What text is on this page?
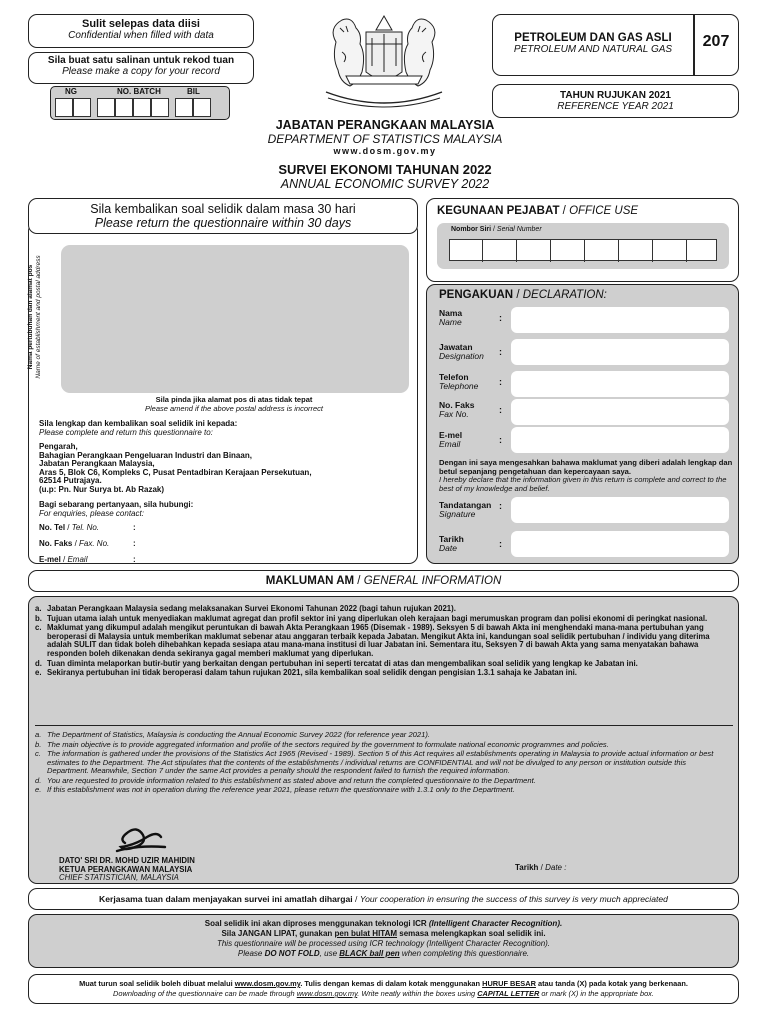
Sulit selepas data diisi
Confidential when filled with data
Sila buat satu salinan untuk rekod tuan
Please make a copy for your record
NG	NO. BATCH	BIL
PETROLEUM DAN GAS ASLI
PETROLEUM AND NATURAL GAS	207
TAHUN RUJUKAN 2021
REFERENCE YEAR 2021
JABATAN PERANGKAAN MALAYSIA
DEPARTMENT OF STATISTICS MALAYSIA
www.dosm.gov.my
SURVEI EKONOMI TAHUNAN 2022
ANNUAL ECONOMIC SURVEY 2022
Sila kembalikan soal selidik dalam masa 30 hari
Please return the questionnaire within 30 days
Nama pertubuhan dan alamat pos Name of establishment and postal address
Sila pinda jika alamat pos di atas tidak tepat
Please amend if the above postal address is incorrect
Sila lengkap dan kembalikan soal selidik ini kepada:
Please complete and return this questionnaire to:
Pengarah,
Bahagian Perangkaan Pengeluaran Industri dan Binaan,
Jabatan Perangkaan Malaysia,
Aras 5, Blok C6, Kompleks C, Pusat Pentadbiran Kerajaan Persekutuan,
62514 Putrajaya.
(u.p: Pn. Nur Surya bt. Ab Razak)
Bagi sebarang pertanyaan, sila hubungi:
For enquiries, please contact:
No. Tel / Tel. No.	:
No. Faks / Fax. No.	:
E-mel / Email	:
KEGUNAAN PEJABAT / OFFICE USE
Nombor Siri / Serial Number
PENGAKUAN / DECLARATION:
Nama
Name	:
Jawatan
Designation :
Telefon
Telephone :
No. Faks
Fax No.	:
E-mel
Email	:
Dengan ini saya mengesahkan bahawa maklumat yang diberi adalah lengkap dan betul sepanjang pengetahuan dan kepercayaan saya.
I hereby declare that the information given in this return is complete and correct to the best of my knowledge and belief.
Tandatangan
Signature
:
Tarikh
Date	:
MAKLUMAN AM / GENERAL INFORMATION
a. Jabatan Perangkaan Malaysia sedang melaksanakan Survei Ekonomi Tahunan 2022 (bagi tahun rujukan 2021).
b. Tujuan utama ialah untuk menyediakan maklumat agregat dan profil sektor ini yang diperlukan oleh kerajaan bagi merumuskan program dan polisi ekonomi di peringkat nasional.
c. Maklumat yang dikumpul adalah mengikut peruntukan di bawah Akta Perangkaan 1965 (Disemak - 1989). Seksyen 5 di bawah Akta ini menghendaki mana-mana pertubuhan yang beroperasi di Malaysia untuk memberikan maklumat sebenar atau anggaran terbaik kepada Jabatan. Mengikut Akta ini, kandungan soal selidik pertubuhan / individu yang diterima adalah SULIT dan tidak boleh dihebahkan kepada sesiapa atau mana-mana institusi di luar Jabatan ini. Sementara itu, Seksyen 7 di bawah Akta yang sama menyatakan bahawa responden boleh dikenakan denda sekiranya gagal memberi maklumat yang diperlukan.
d. Tuan diminta melaporkan butir-butir yang berkaitan dengan pertubuhan ini seperti tercatat di atas dan mengembalikan soal selidik yang lengkap ke Jabatan ini.
e. Sekiranya pertubuhan ini tidak beroperasi dalam tahun rujukan 2021, sila kembalikan soal selidik dengan pengisian 1.3.1 sahaja ke Jabatan ini.
a. The Department of Statistics, Malaysia is conducting the Annual Economic Survey 2022 (for reference year 2021).
b. The main objective is to provide aggregated information and profile of the sectors required by the government to formulate national economic programmes and policies.
c. The information is gathered under the provisions of the Statistics Act 1965 (Revised - 1989). Section 5 of this Act requires all establishments operating in Malaysia to provide actual information or best estimates to the Department. The Act stipulates that the contents of the establishments / individual returns are CONFIDENTIAL and will not be divulged to any person or institution outside this Department. Meanwhile, Section 7 under the same Act provides a penalty should the respondent failed to furnish the required information.
d. You are requested to provide information related to this establishment as stated above and return the completed questionnaire to the Department.
e. If this establishment was not in operation during the reference year 2021, please return the questionnaire with 1.3.1 only to the Department.
DATO' SRI DR. MOHD UZIR MAHIDIN
KETUA PERANGKAWAN MALAYSIA
CHIEF STATISTICIAN, MALAYSIA
Tarikh / Date :
Kerjasama tuan dalam menjayakan survei ini amatlah dihargai / Your cooperation in ensuring the success of this survey is very much appreciated
Soal selidik ini akan diproses menggunakan teknologi ICR (Intelligent Character Recognition).
Sila JANGAN LIPAT, gunakan pen bulat HITAM semasa melengkapkan soal selidik ini.
This questionnaire will be processed using ICR technology (Intelligent Character Recognition).
Please DO NOT FOLD, use BLACK ball pen when completing this questionnaire.
Muat turun soal selidik boleh dibuat melalui www.dosm.gov.my. Tulis dengan kemas di dalam kotak menggunakan HURUF BESAR atau tanda (X) pada kotak yang berkenaan.
Downloading of the questionnaire can be made through www.dosm.gov.my. Write neatly within the boxes using CAPITAL LETTER or mark (X) in the appropriate box.
